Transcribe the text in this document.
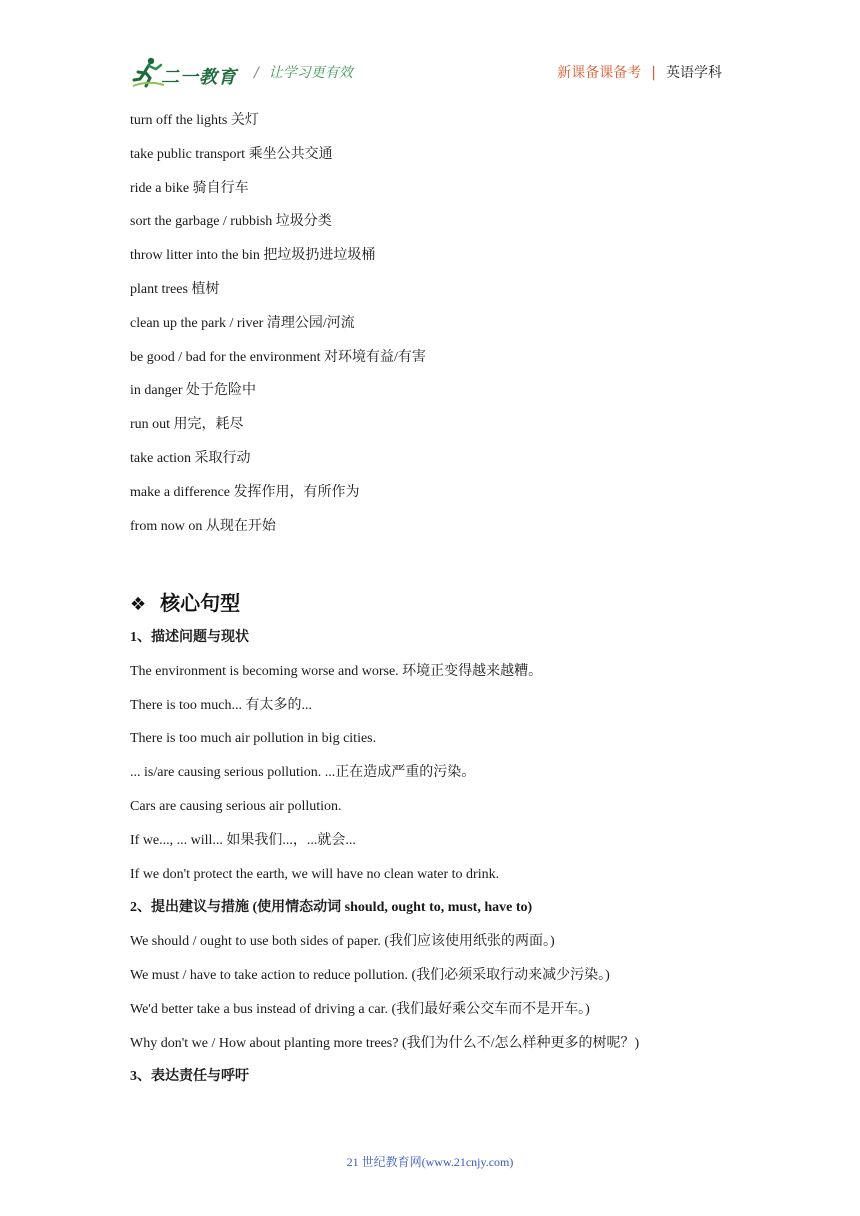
二一教育 / 让学习更有效	新课备课备考 | 英语学科
turn off the lights 关灯
take public transport 乘坐公共交通
ride a bike 骑自行车
sort the garbage / rubbish 垃圾分类
throw litter into the bin 把垃圾扔进垃圾桶
plant trees 植树
clean up the park / river 清理公园/河流
be good / bad for the environment 对环境有益/有害
in danger 处于危险中
run out 用完，耗尽
take action 采取行动
make a difference 发挥作用，有所作为
from now on 从现在开始
❖ 核心句型
1、描述问题与现状
The environment is becoming worse and worse. 环境正变得越来越糟。
There is too much... 有太多的...
There is too much air pollution in big cities.
... is/are causing serious pollution. ...正在造成严重的污染。
Cars are causing serious air pollution.
If we..., ... will... 如果我们...，...就会...
If we don't protect the earth, we will have no clean water to drink.
2、提出建议与措施 (使用情态动词 should, ought to, must, have to)
We should / ought to use both sides of paper. (我们应该使用纸张的两面。)
We must / have to take action to reduce pollution. (我们必须采取行动来减少污染。)
We'd better take a bus instead of driving a car. (我们最好乘公交车而不是开车。)
Why don't we / How about planting more trees? (我们为什么不/怎么样种更多的树呢？)
3、表达责任与呼吁
21 世纪教育网(www.21cnjy.com)
